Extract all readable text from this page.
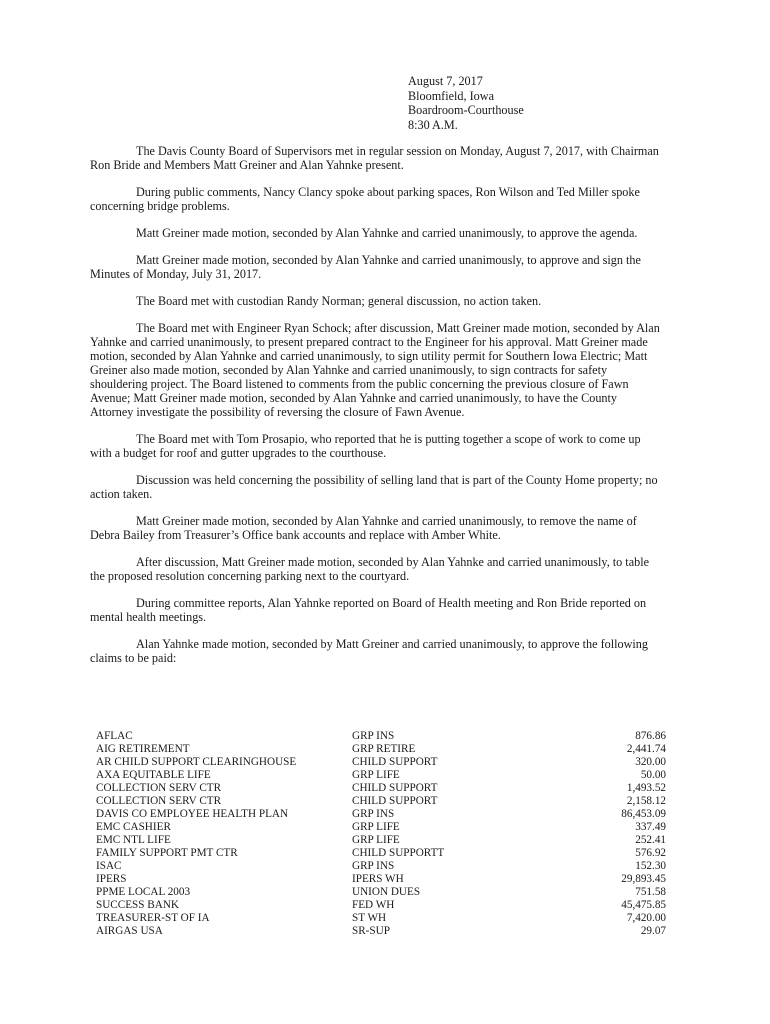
August 7, 2017
Bloomfield, Iowa
Boardroom-Courthouse
8:30 A.M.

The Davis County Board of Supervisors met in regular session on Monday, August 7, 2017, with Chairman Ron Bride and Members Matt Greiner and Alan Yahnke present.

During public comments, Nancy Clancy spoke about parking spaces, Ron Wilson and Ted Miller spoke concerning bridge problems.

Matt Greiner made motion, seconded by Alan Yahnke and carried unanimously, to approve the agenda.

Matt Greiner made motion, seconded by Alan Yahnke and carried unanimously, to approve and sign the Minutes of Monday, July 31, 2017.

The Board met with custodian Randy Norman; general discussion, no action taken.

The Board met with Engineer Ryan Schock; after discussion, Matt Greiner made motion, seconded by Alan Yahnke and carried unanimously, to present prepared contract to the Engineer for his approval. Matt Greiner made motion, seconded by Alan Yahnke and carried unanimously, to sign utility permit for Southern Iowa Electric; Matt Greiner also made motion, seconded by Alan Yahnke and carried unanimously, to sign contracts for safety shouldering project. The Board listened to comments from the public concerning the previous closure of Fawn Avenue; Matt Greiner made motion, seconded by Alan Yahnke and carried unanimously, to have the County Attorney investigate the possibility of reversing the closure of Fawn Avenue.

The Board met with Tom Prosapio, who reported that he is putting together a scope of work to come up with a budget for roof and gutter upgrades to the courthouse.

Discussion was held concerning the possibility of selling land that is part of the County Home property; no action taken.

Matt Greiner made motion, seconded by Alan Yahnke and carried unanimously, to remove the name of Debra Bailey from Treasurer’s Office bank accounts and replace with Amber White.

After discussion, Matt Greiner made motion, seconded by Alan Yahnke and carried unanimously, to table the proposed resolution concerning parking next to the courtyard.

During committee reports, Alan Yahnke reported on Board of Health meeting and Ron Bride reported on mental health meetings.

Alan Yahnke made motion, seconded by Matt Greiner and carried unanimously, to approve the following claims to be paid:

AFLAC	GRP INS	876.86
AIG RETIREMENT	GRP RETIRE	2,441.74
AR CHILD SUPPORT CLEARINGHOUSE	CHILD SUPPORT	320.00
AXA EQUITABLE LIFE	GRP LIFE	50.00
COLLECTION SERV CTR	CHILD SUPPORT	1,493.52
COLLECTION SERV CTR	CHILD SUPPORT	2,158.12
DAVIS CO EMPLOYEE HEALTH PLAN	GRP INS	86,453.09
EMC CASHIER	GRP LIFE	337.49
EMC NTL LIFE	GRP LIFE	252.41
FAMILY SUPPORT PMT CTR	CHILD SUPPORTT	576.92
ISAC	GRP INS	152.30
IPERS	IPERS WH	29,893.45
PPME LOCAL 2003	UNION DUES	751.58
SUCCESS BANK	FED WH	45,475.85
TREASURER-ST OF IA	ST WH	7,420.00
AIRGAS USA	SR-SUP	29.07
